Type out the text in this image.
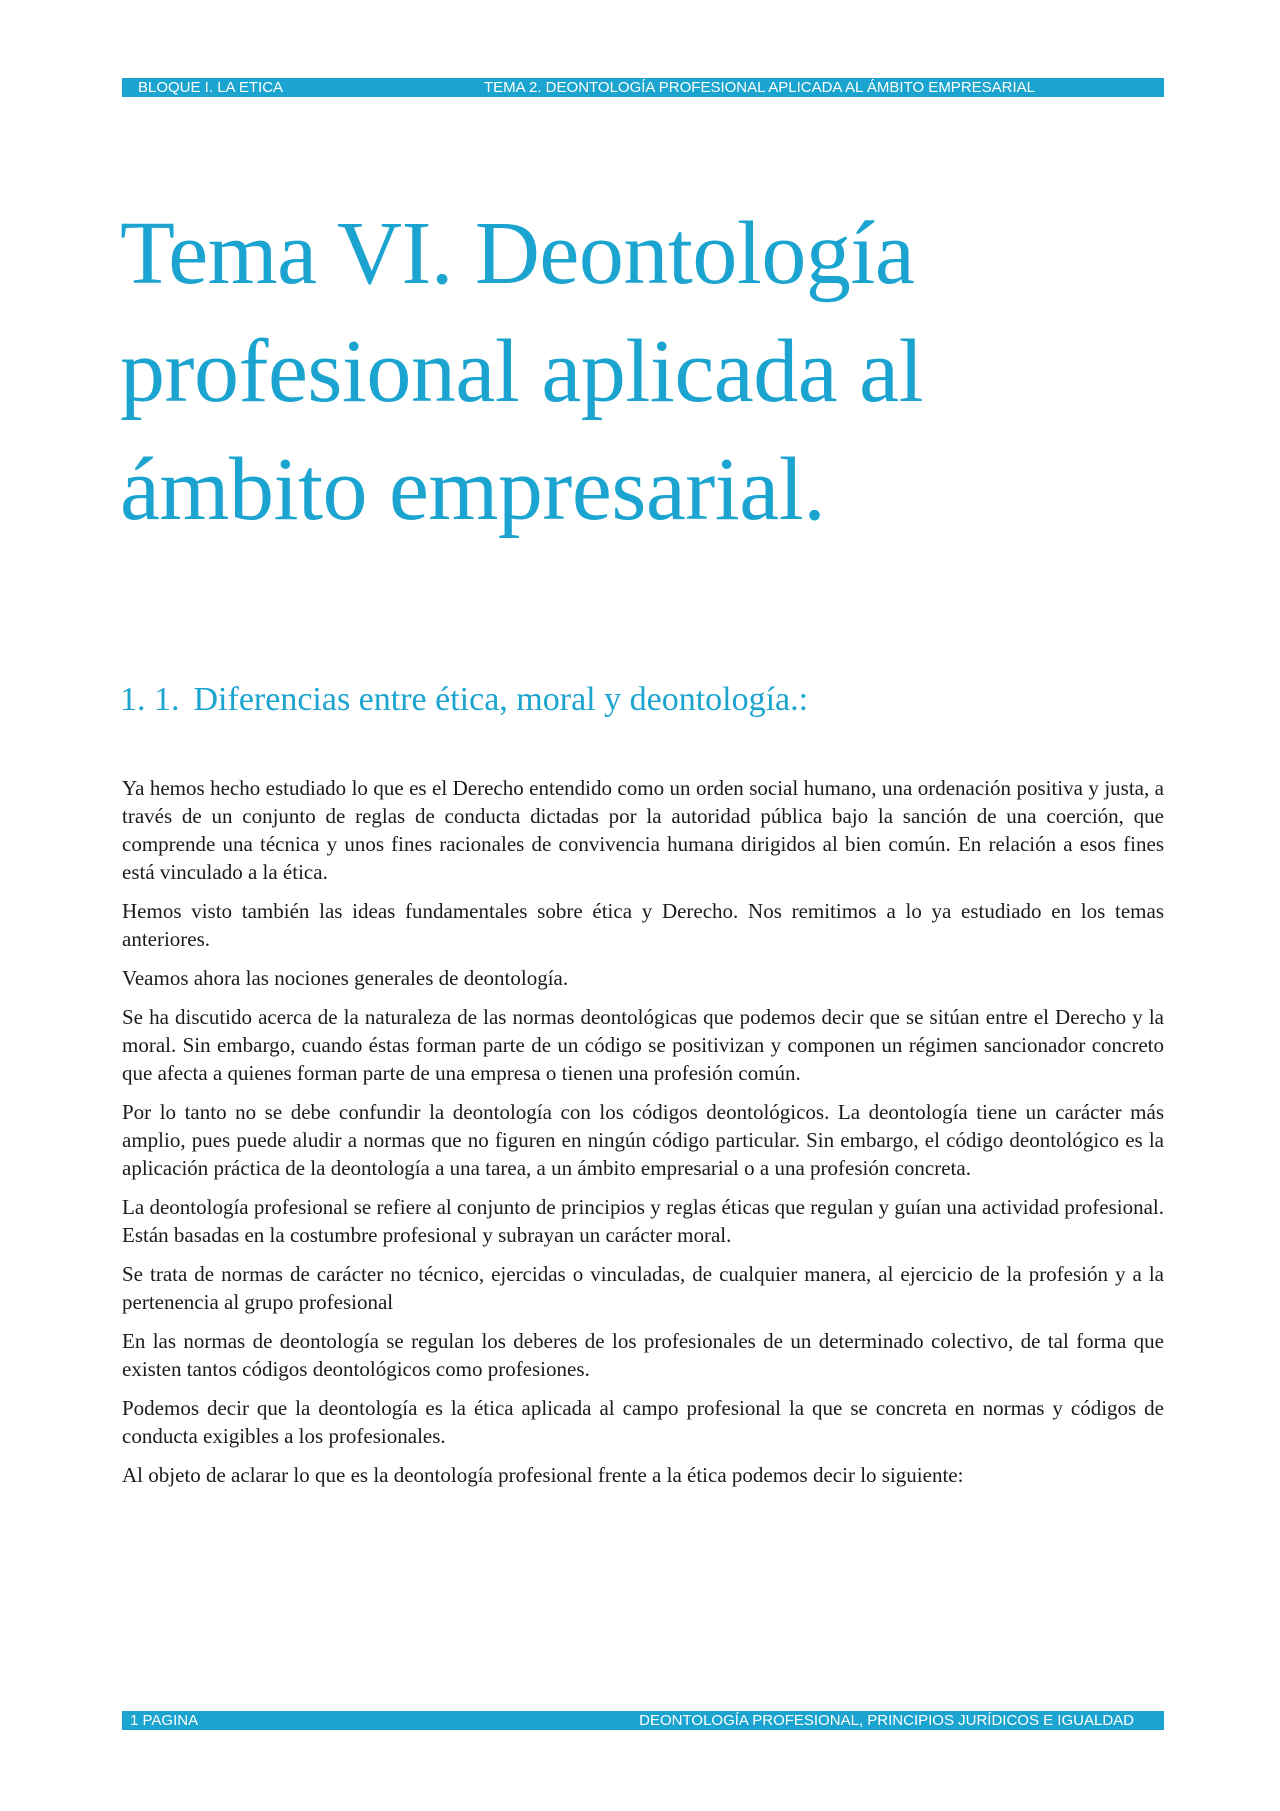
BLOQUE I. LA ETICA	TEMA 2. DEONTOLOGÍA PROFESIONAL APLICADA AL ÁMBITO EMPRESARIAL
Tema VI. Deontología
profesional aplicada al
ámbito empresarial.
1. 1. Diferencias entre ética, moral y deontología.:

Ya hemos hecho estudiado lo que es el Derecho entendido como un orden social humano, una ordenación positiva y justa, a través de un conjunto de reglas de conducta dictadas por la autoridad pública bajo la sanción de una coerción, que comprende una técnica y unos fines racionales de convivencia humana dirigidos al bien común. En relación a esos fines está vinculado a la ética.

Hemos visto también las ideas fundamentales sobre ética y Derecho. Nos remitimos a lo ya estudiado en los temas anteriores.

Veamos ahora las nociones generales de deontología.

Se ha discutido acerca de la naturaleza de las normas deontológicas que podemos decir que se sitúan entre el Derecho y la moral. Sin embargo, cuando éstas forman parte de un código se positivizan y componen un régimen sancionador concreto que afecta a quienes forman parte de una empresa o tienen una profesión común.

Por lo tanto no se debe confundir la deontología con los códigos deontológicos. La deontología tiene un carácter más amplio, pues puede aludir a normas que no figuren en ningún código particular. Sin embargo, el código deontológico es la aplicación práctica de la deontología a una tarea, a un ámbito empresarial o a una profesión concreta.

La deontología profesional se refiere al conjunto de principios y reglas éticas que regulan y guían una actividad profesional. Están basadas en la costumbre profesional y subrayan un carácter moral.

Se trata de normas de carácter no técnico, ejercidas o vinculadas, de cualquier manera, al ejercicio de la profesión y a la pertenencia al grupo profesional

En las normas de deontología se regulan los deberes de los profesionales de un determinado colectivo, de tal forma que existen tantos códigos deontológicos como profesiones.

Podemos decir que la deontología es la ética aplicada al campo profesional la que se concreta en normas y códigos de conducta exigibles a los profesionales.

Al objeto de aclarar lo que es la deontología profesional frente a la ética podemos decir lo siguiente:

1 PAGINA	DEONTOLOGÍA PROFESIONAL, PRINCIPIOS JURÍDICOS E IGUALDAD
